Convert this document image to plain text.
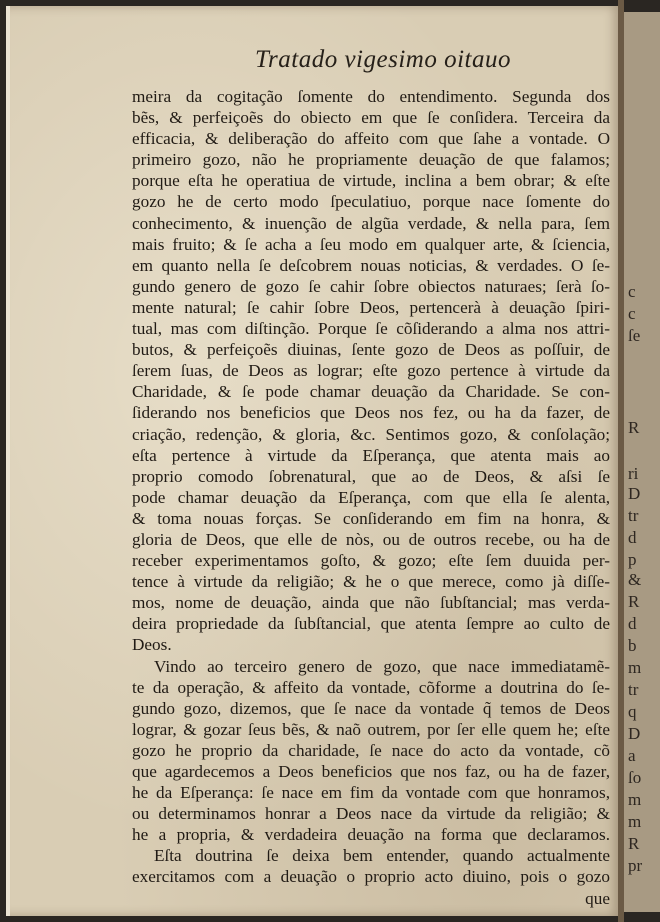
c
c
ſe
R
ri
D
tr
d
p
&
R
d
b
m
tr
q
D
a
ſo
m
m
R
pr
Tratado vigesimo oitauo
meira da cogitação ſomente do entendimento. Segunda dos
bẽs, & perfeiçoẽs do obiecto em que ſe conſidera. Terceira da
efficacia, & deliberação do affeito com que ſahe a vontade. O
primeiro gozo, não he propriamente deuação de que falamos;
porque eſta he operatiua de virtude, inclina a bem obrar; & eſte
gozo he de certo modo ſpeculatiuo, porque nace ſomente do
conhecimento, & inuenção de algũa verdade, & nella para, ſem
mais fruito; & ſe acha a ſeu modo em qualquer arte, & ſciencia,
em quanto nella ſe deſcobrem nouas noticias, & verdades. O ſe-
gundo genero de gozo ſe cahir ſobre obiectos naturaes; ſerà ſo-
mente natural; ſe cahir ſobre Deos, pertencerà à deuação ſpiri-
tual, mas com diſtinção. Porque ſe cõſiderando a alma nos attri-
butos, & perfeiçoẽs diuinas, ſente gozo de Deos as poſſuir, de
ſerem ſuas, de Deos as lograr; eſte gozo pertence à virtude da
Charidade, & ſe pode chamar deuação da Charidade. Se con-
ſiderando nos beneficios que Deos nos fez, ou ha da fazer, de
criação, redenção, & gloria, &c. Sentimos gozo, & conſolação;
eſta pertence à virtude da Eſperança, que atenta mais ao
proprio comodo ſobrenatural, que ao de Deos, & aſsi ſe
pode chamar deuação da Eſperança, com que ella ſe alenta,
& toma nouas forças. Se conſiderando em fim na honra, &
gloria de Deos, que elle de nòs, ou de outros recebe, ou ha de
receber experimentamos goſto, & gozo; eſte ſem duuida per-
tence à virtude da religião; & he o que merece, como jà diſſe-
mos, nome de deuação, ainda que não ſubſtancial; mas verda-
deira propriedade da ſubſtancial, que atenta ſempre ao culto de
Deos.
Vindo ao terceiro genero de gozo, que nace immediatamẽ-
te da operação, & affeito da vontade, cõforme a doutrina do ſe-
gundo gozo, dizemos, que ſe nace da vontade q̃ temos de Deos
lograr, & gozar ſeus bẽs, & naõ outrem, por ſer elle quem he; eſte
gozo he proprio da charidade, ſe nace do acto da vontade, cõ
que agardecemos a Deos beneficios que nos faz, ou ha de fazer,
he da Eſperança: ſe nace em fim da vontade com que honramos,
ou determinamos honrar a Deos nace da virtude da religião; &
he a propria, & verdadeira deuação na forma que declaramos.
Eſta doutrina ſe deixa bem entender, quando actualmente
exercitamos com a deuação o proprio acto diuino, pois o gozo
que
